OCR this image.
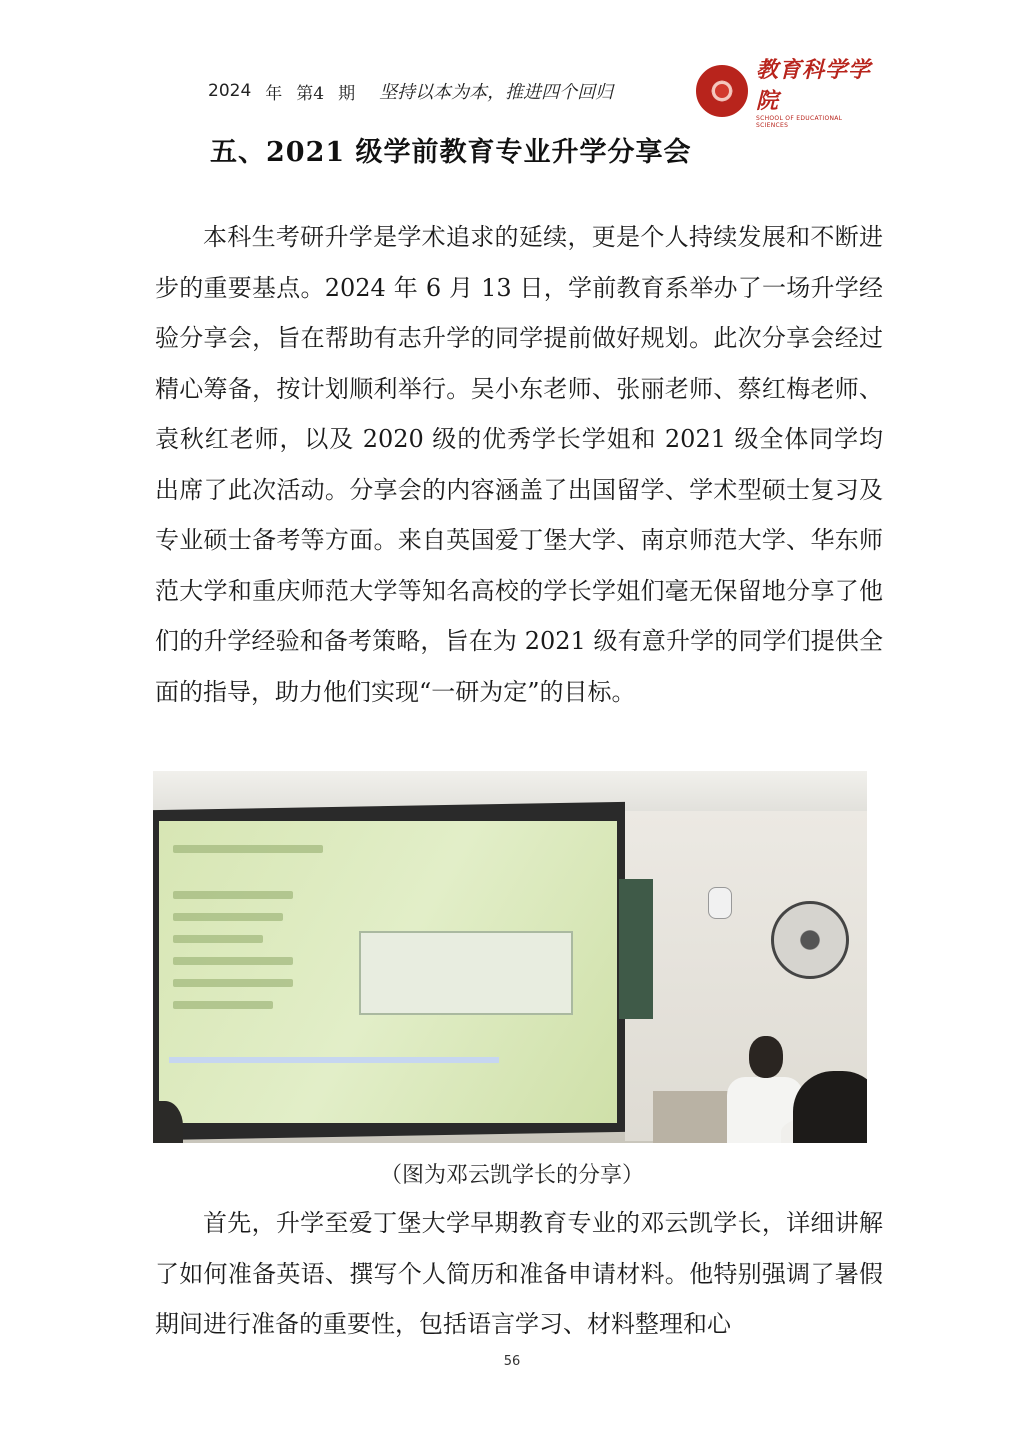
2024 年 第4 期 坚持以本为本，推进四个回归
教育科学学院
SCHOOL OF EDUCATIONAL SCIENCES
五、2021 级学前教育专业升学分享会

本科生考研升学是学术追求的延续，更是个人持续发展和不断进步的重要基点。2024 年 6 月 13 日，学前教育系举办了一场升学经验分享会，旨在帮助有志升学的同学提前做好规划。此次分享会经过精心筹备，按计划顺利举行。吴小东老师、张丽老师、蔡红梅老师、袁秋红老师，以及 2020 级的优秀学长学姐和 2021 级全体同学均出席了此次活动。分享会的内容涵盖了出国留学、学术型硕士复习及专业硕士备考等方面。来自英国爱丁堡大学、南京师范大学、华东师范大学和重庆师范大学等知名高校的学长学姐们毫无保留地分享了他们的升学经验和备考策略，旨在为 2021 级有意升学的同学们提供全面的指导，助力他们实现“一研为定”的目标。

（图为邓云凯学长的分享）

首先，升学至爱丁堡大学早期教育专业的邓云凯学长，详细讲解了如何准备英语、撰写个人简历和准备申请材料。他特别强调了暑假期间进行准备的重要性，包括语言学习、材料整理和心

56
